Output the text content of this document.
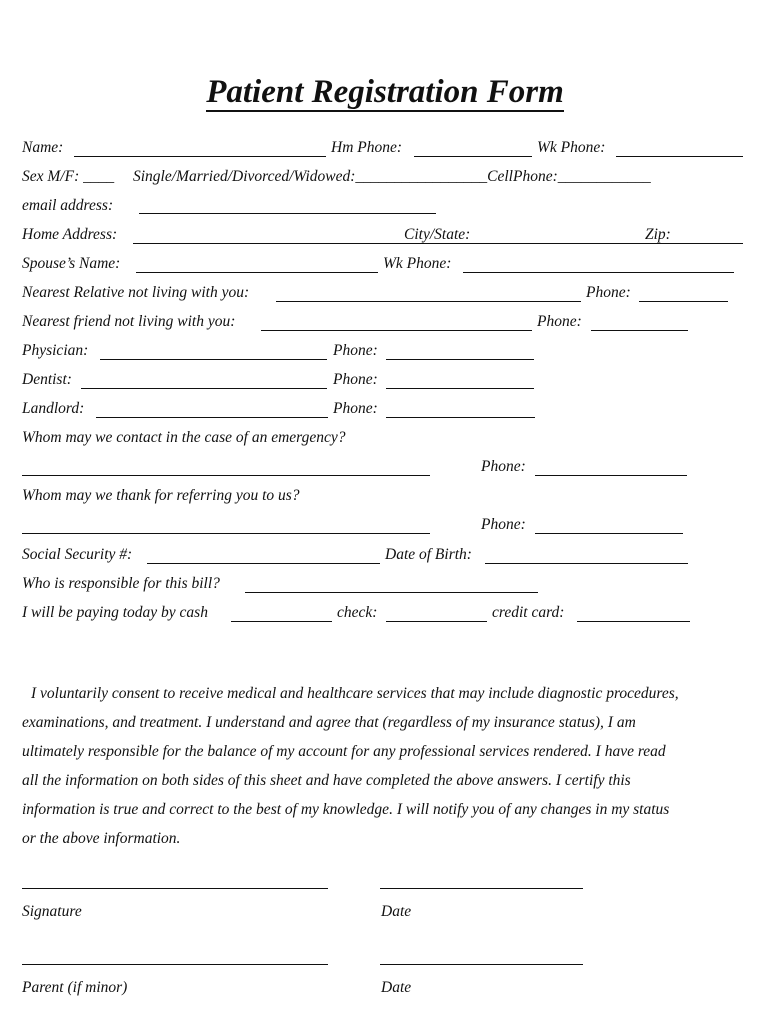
Patient Registration Form
Name:	Hm Phone:	Wk Phone:
Sex M/F: ____ Single/Married/Divorced/Widowed:_________________CellPhone:____________
email address:
Home Address:	City/State:	Zip:
Spouse’s Name:	Wk Phone:
Nearest Relative not living with you:	Phone:
Nearest friend not living with you:	Phone:
Physician:	Phone:
Dentist:	Phone:
Landlord:	Phone:
Whom may we contact in the case of an emergency?
Phone:
Whom may we thank for referring you to us?
Phone:
Social Security #:	Date of Birth:
Who is responsible for this bill?
I will be paying today by cash	check:	credit card:
I voluntarily consent to receive medical and healthcare services that may include diagnostic procedures,
examinations, and treatment. I understand and agree that (regardless of my insurance status), I am
ultimately responsible for the balance of my account for any professional services rendered. I have read
all the information on both sides of this sheet and have completed the above answers. I certify this
information is true and correct to the best of my knowledge. I will notify you of any changes in my status
or the above information.
Signature	Date
Parent (if minor)	Date
